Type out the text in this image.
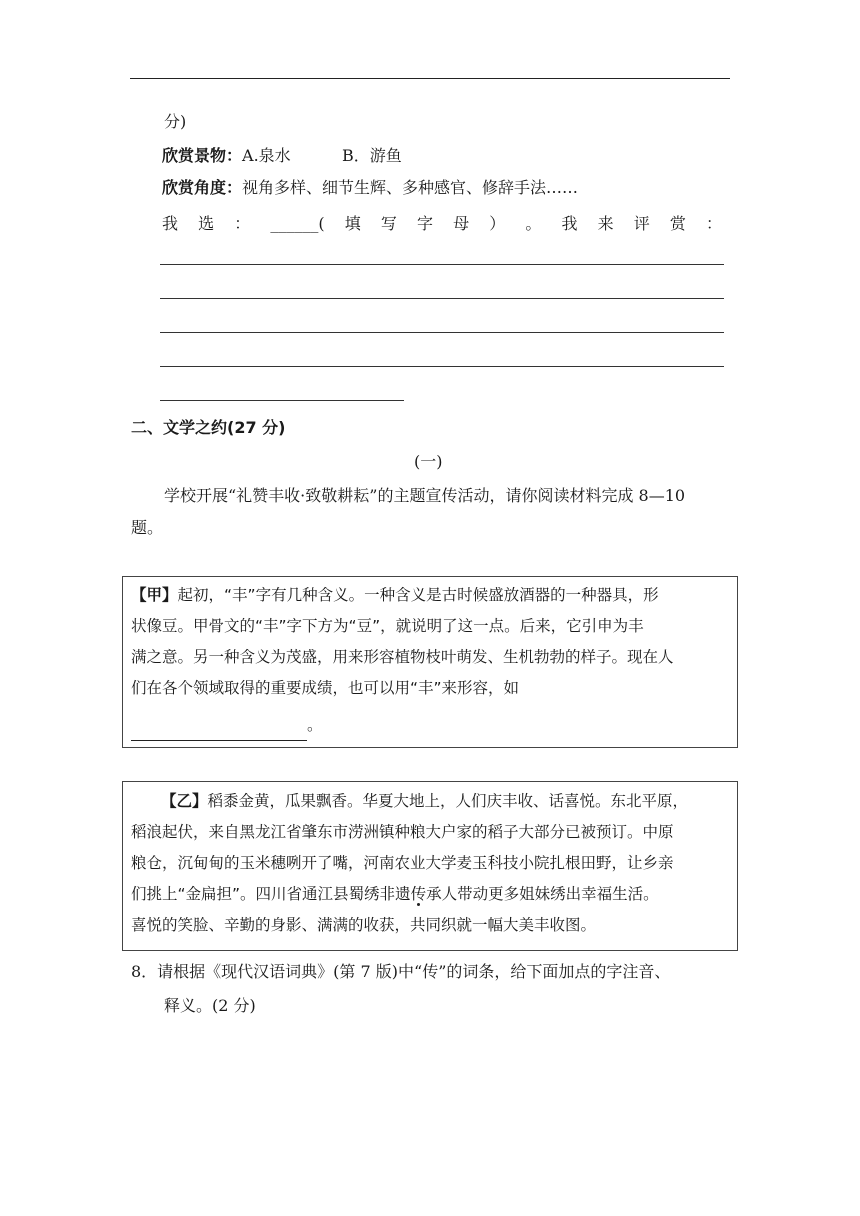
分)
欣赏景物：A.泉水	B．游鱼
欣赏角度：视角多样、细节生辉、多种感官、修辞手法……
我 选 ： ______( 填 写 字 母 ） 。 我 来 评 赏 ：
二、文学之约(27 分)
(一)
学校开展“礼赞丰收·致敬耕耘”的主题宣传活动，请你阅读材料完成 8—10
题。
【甲】起初，“丰”字有几种含义。一种含义是古时候盛放酒器的一种器具，形
状像豆。甲骨文的“丰”字下方为“豆”，就说明了这一点。后来，它引申为丰
满之意。另一种含义为茂盛，用来形容植物枝叶萌发、生机勃勃的样子。现在人
们在各个领域取得的重要成绩，也可以用“丰”来形容，如
。
【乙】稻黍金黄，瓜果飘香。华夏大地上，人们庆丰收、话喜悦。东北平原，
稻浪起伏，来自黑龙江省肇东市涝洲镇种粮大户家的稻子大部分已被预订。中原
粮仓，沉甸甸的玉米穗咧开了嘴，河南农业大学麦玉科技小院扎根田野，让乡亲
们挑上“金扁担”。四川省通江县蜀绣非遗传承人带动更多姐妹绣出幸福生活。
喜悦的笑脸、辛勤的身影、满满的收获，共同织就一幅大美丰收图。
8．请根据《现代汉语词典》(第 7 版)中“传”的词条，给下面加点的字注音、
释义。(2 分)
